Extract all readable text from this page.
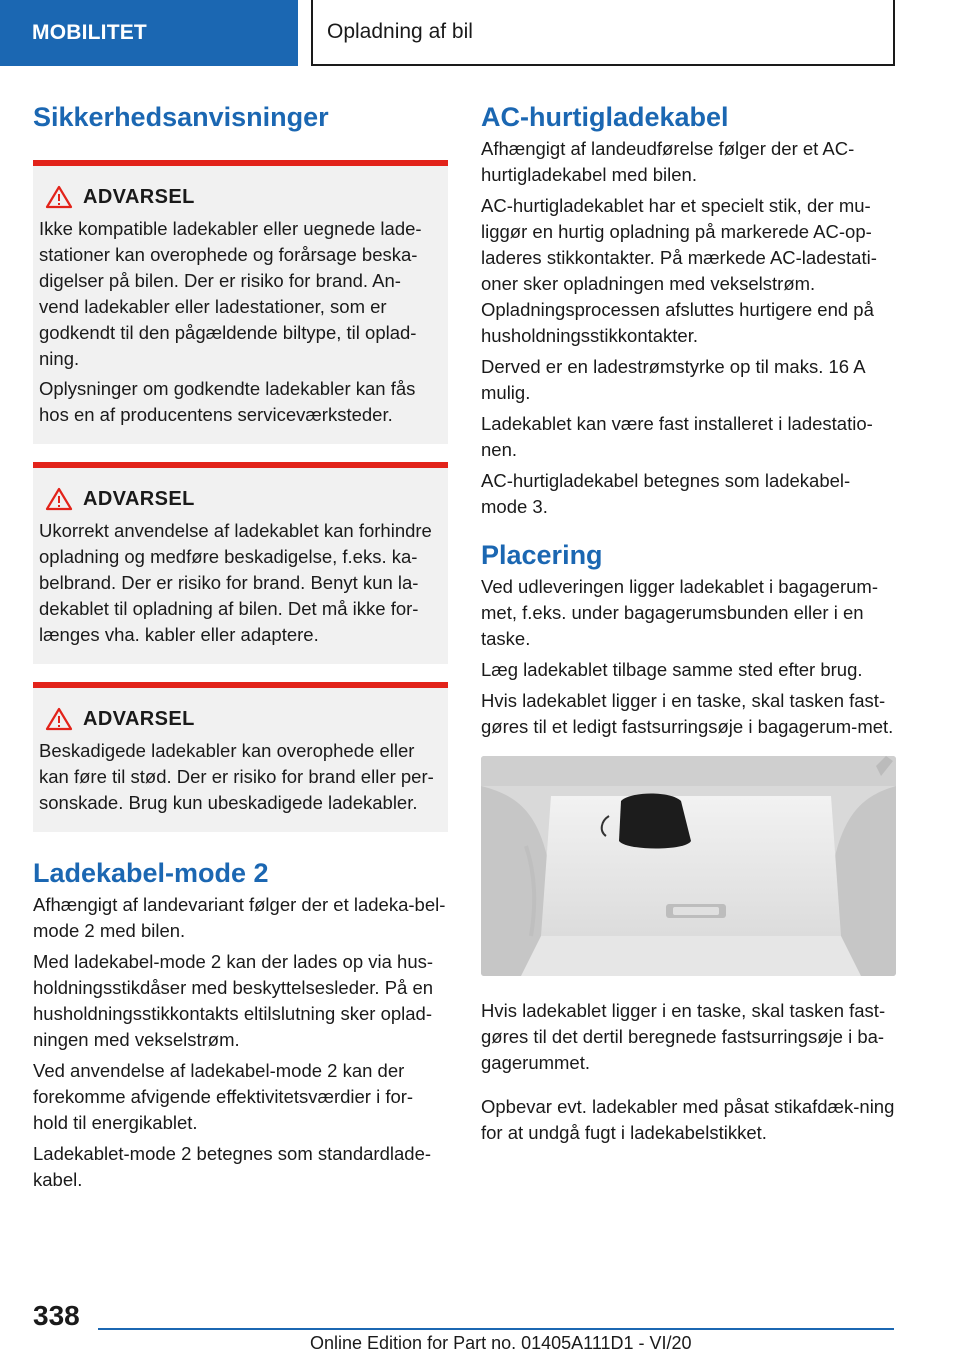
MOBILITET	Opladning af bil
Sikkerhedsanvisninger
ADVARSEL

Ikke kompatible ladekabler eller uegnede lade-stationer kan overophede og forårsage beska-digelser på bilen. Der er risiko for brand. An-vend ladekabler eller ladestationer, som er godkendt til den pågældende biltype, til oplad-ning.

Oplysninger om godkendte ladekabler kan fås hos en af producentens serviceværksteder.

ADVARSEL

Ukorrekt anvendelse af ladekablet kan forhindre opladning og medføre beskadigelse, f.eks. ka-belbrand. Der er risiko for brand. Benyt kun la-dekablet til opladning af bilen. Det må ikke for-længes vha. kabler eller adaptere.

ADVARSEL

Beskadigede ladekabler kan overophede eller kan føre til stød. Der er risiko for brand eller per-sonskade. Brug kun ubeskadigede ladekabler.

Ladekabel-mode 2

Afhængigt af landevariant følger der et ladeka-bel-mode 2 med bilen.

Med ladekabel-mode 2 kan der lades op via hus-holdningsstikdåser med beskyttelsesleder. På en husholdningsstikkontakts eltilslutning sker oplad-ningen med vekselstrøm.

Ved anvendelse af ladekabel-mode 2 kan der forekomme afvigende effektivitetsværdier i for-hold til energikablet.

Ladekablet-mode 2 betegnes som standardlade-kabel.

AC-hurtigladekabel

Afhængigt af landeudførelse følger der et AC-hurtigladekabel med bilen.

AC-hurtigladekablet har et specielt stik, der mu-liggør en hurtig opladning på markerede AC-op-laderes stikkontakter. På mærkede AC-ladestati-oner sker opladningen med vekselstrøm. Opladningsprocessen afsluttes hurtigere end på husholdningsstikkontakter.

Derved er en ladestrømstyrke op til maks. 16 A mulig.

Ladekablet kan være fast installeret i ladestatio-nen.

AC-hurtigladekabel betegnes som ladekabel-mode 3.

Placering

Ved udleveringen ligger ladekablet i bagagerum-met, f.eks. under bagagerumsbunden eller i en taske.

Læg ladekablet tilbage samme sted efter brug.

Hvis ladekablet ligger i en taske, skal tasken fast-gøres til et ledigt fastsurringsøje i bagagerum-met.

Hvis ladekablet ligger i en taske, skal tasken fast-gøres til det dertil beregnede fastsurringsøje i ba-gagerummet.

Opbevar evt. ladekabler med påsat stikafdæk-ning for at undgå fugt i ladekabelstikket.

338
Online Edition for Part no. 01405A111D1 - VI/20
